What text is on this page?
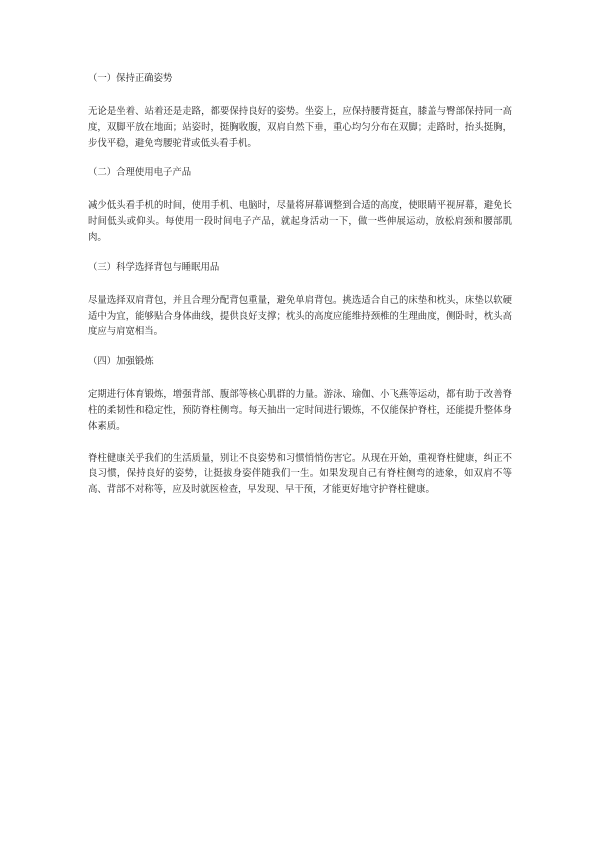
（一）保持正确姿势
无论是坐着、站着还是走路，都要保持良好的姿势。坐姿上，应保持腰背挺直，膝盖与臀部保持同一高度，双脚平放在地面；站姿时，挺胸收腹，双肩自然下垂，重心均匀分布在双脚；走路时，抬头挺胸，步伐平稳，避免弯腰驼背或低头看手机。
（二）合理使用电子产品
减少低头看手机的时间，使用手机、电脑时，尽量将屏幕调整到合适的高度，使眼睛平视屏幕，避免长时间低头或仰头。每使用一段时间电子产品，就起身活动一下，做一些伸展运动，放松肩颈和腰部肌肉。
（三）科学选择背包与睡眠用品
尽量选择双肩背包，并且合理分配背包重量，避免单肩背包。挑选适合自己的床垫和枕头，床垫以软硬适中为宜，能够贴合身体曲线，提供良好支撑；枕头的高度应能维持颈椎的生理曲度，侧卧时，枕头高度应与肩宽相当。
（四）加强锻炼
定期进行体育锻炼，增强背部、腹部等核心肌群的力量。游泳、瑜伽、小飞燕等运动，都有助于改善脊柱的柔韧性和稳定性，预防脊柱侧弯。每天抽出一定时间进行锻炼，不仅能保护脊柱，还能提升整体身体素质。
脊柱健康关乎我们的生活质量，别让不良姿势和习惯悄悄伤害它。从现在开始，重视脊柱健康，纠正不良习惯，保持良好的姿势，让挺拔身姿伴随我们一生。如果发现自己有脊柱侧弯的迹象，如双肩不等高、背部不对称等，应及时就医检查，早发现、早干预，才能更好地守护脊柱健康。
